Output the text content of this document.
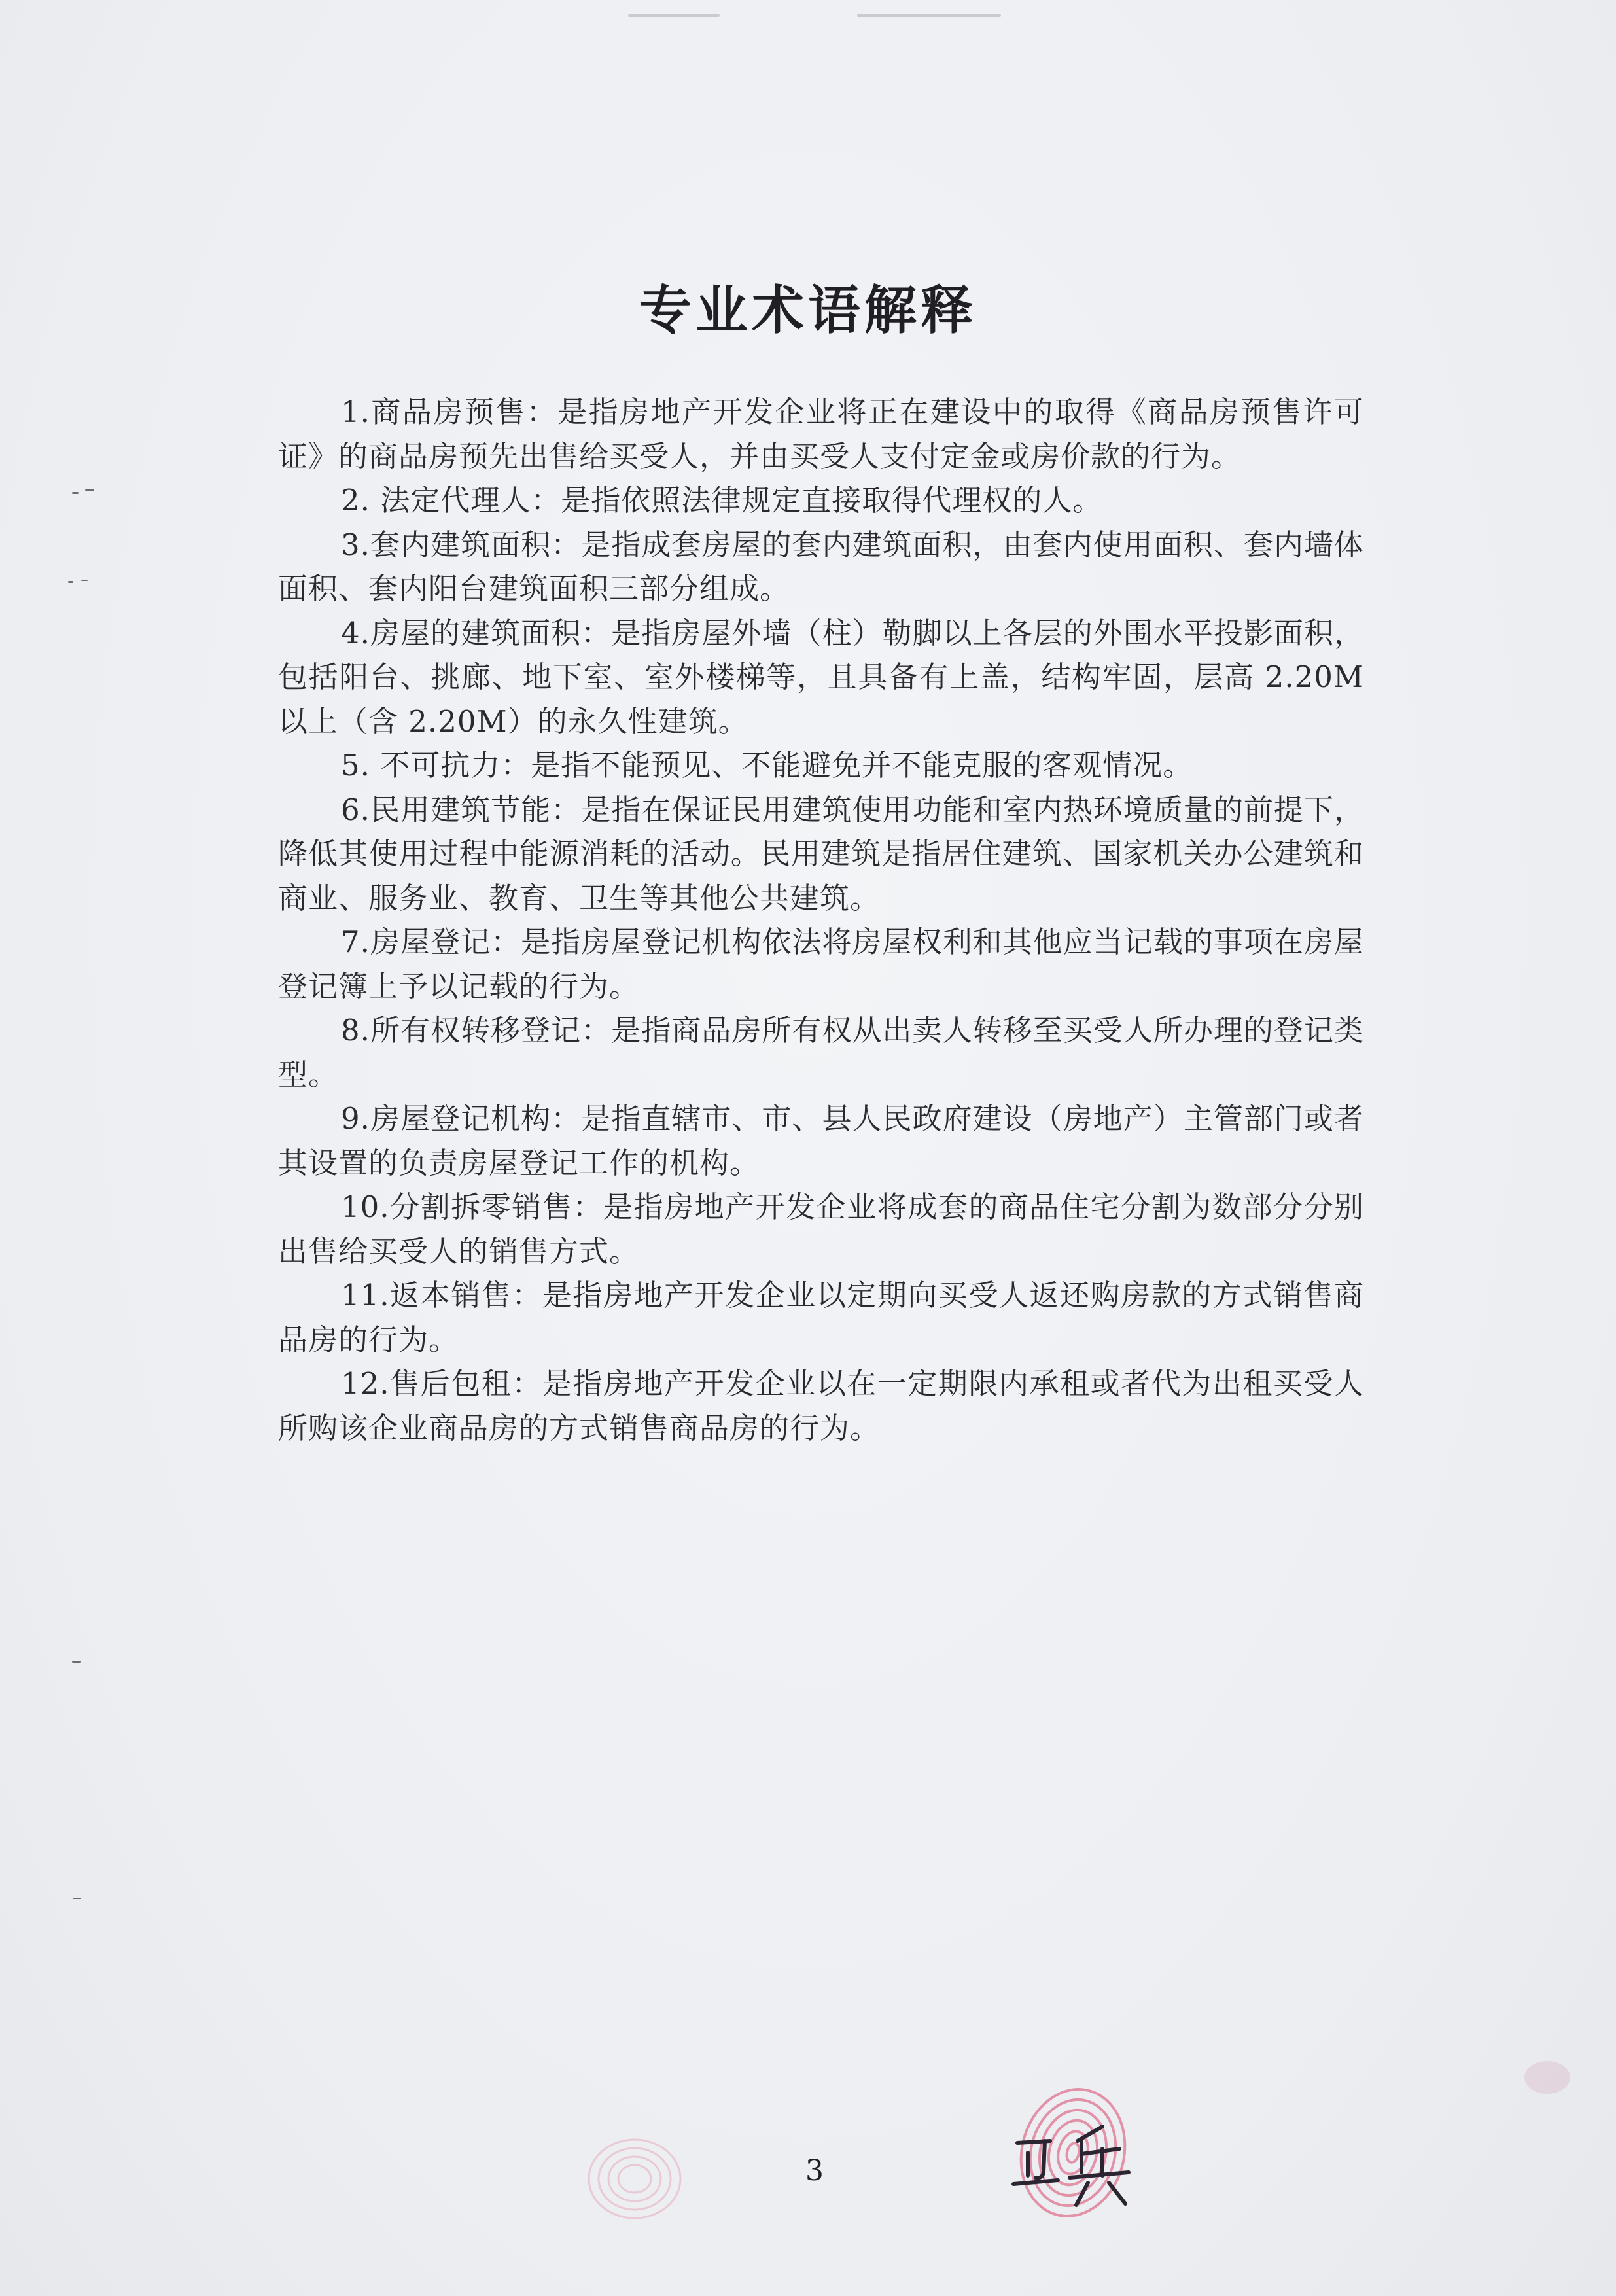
专业术语解释
1.商品房预售：是指房地产开发企业将正在建设中的取得《商品房预售许可证》的商品房预先出售给买受人，并由买受人支付定金或房价款的行为。
2. 法定代理人：是指依照法律规定直接取得代理权的人。
3.套内建筑面积：是指成套房屋的套内建筑面积，由套内使用面积、套内墙体面积、套内阳台建筑面积三部分组成。
4.房屋的建筑面积：是指房屋外墙（柱）勒脚以上各层的外围水平投影面积，包括阳台、挑廊、地下室、室外楼梯等，且具备有上盖，结构牢固，层高 2.20M 以上（含 2.20M）的永久性建筑。
5. 不可抗力：是指不能预见、不能避免并不能克服的客观情况。
6.民用建筑节能：是指在保证民用建筑使用功能和室内热环境质量的前提下，降低其使用过程中能源消耗的活动。民用建筑是指居住建筑、国家机关办公建筑和商业、服务业、教育、卫生等其他公共建筑。
7.房屋登记：是指房屋登记机构依法将房屋权利和其他应当记载的事项在房屋登记簿上予以记载的行为。
8.所有权转移登记：是指商品房所有权从出卖人转移至买受人所办理的登记类型。
9.房屋登记机构：是指直辖市、市、县人民政府建设（房地产）主管部门或者其设置的负责房屋登记工作的机构。
10.分割拆零销售：是指房地产开发企业将成套的商品住宅分割为数部分分别出售给买受人的销售方式。
11.返本销售：是指房地产开发企业以定期向买受人返还购房款的方式销售商品房的行为。
12.售后包租：是指房地产开发企业以在一定期限内承租或者代为出租买受人所购该企业商品房的方式销售商品房的行为。
3
